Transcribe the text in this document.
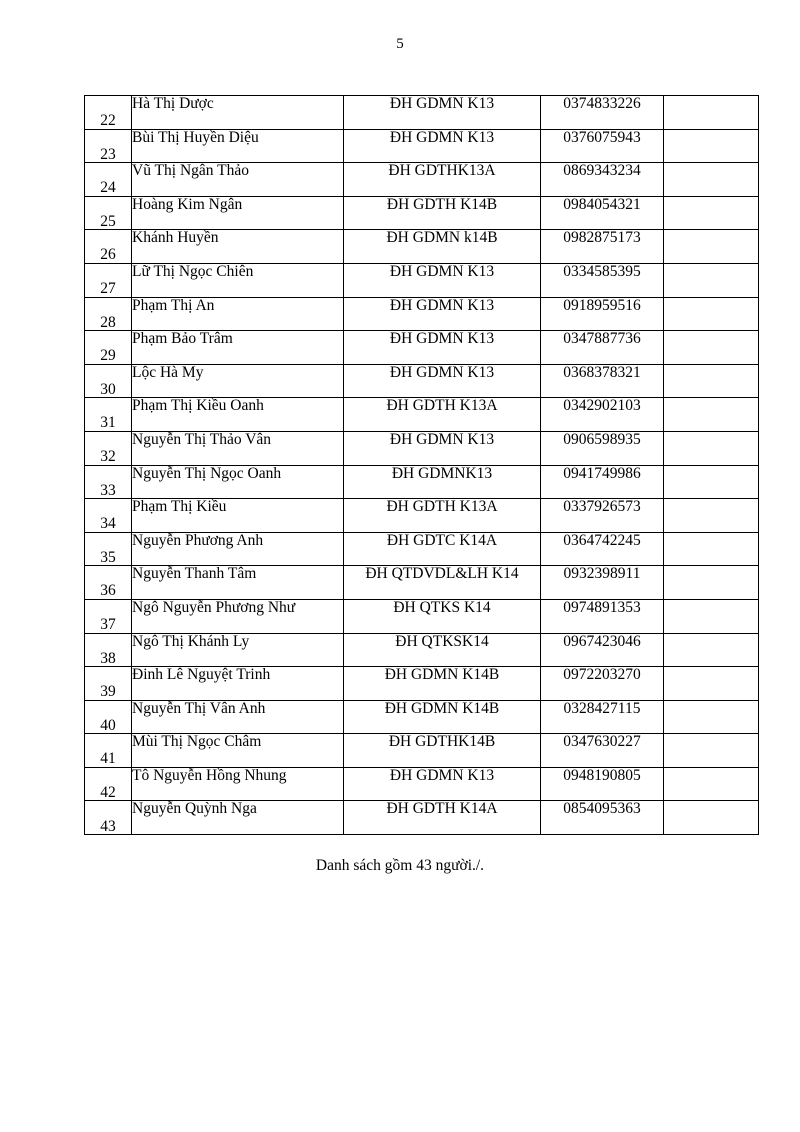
5
22	Hà Thị Dược	ĐH GDMN K13	0374833226	
23	Bùi Thị Huyền Diệu	ĐH GDMN K13	0376075943	
24	Vũ Thị Ngân Thảo	ĐH GDTHK13A	0869343234	
25	Hoàng Kim Ngân	ĐH GDTH K14B	0984054321	
26	Khánh Huyền	ĐH GDMN k14B	0982875173	
27	Lữ Thị Ngọc Chiên	ĐH GDMN K13	0334585395	
28	Phạm Thị An	ĐH GDMN K13	0918959516	
29	Phạm Bảo Trâm	ĐH GDMN K13	0347887736	
30	Lộc Hà My	ĐH GDMN K13	0368378321	
31	Phạm Thị Kiều Oanh	ĐH GDTH K13A	0342902103	
32	Nguyễn Thị Thảo Vân	ĐH GDMN K13	0906598935	
33	Nguyễn Thị Ngọc Oanh	ĐH GDMNK13	0941749986	
34	Phạm Thị Kiều	ĐH GDTH K13A	0337926573	
35	Nguyễn Phương Anh	ĐH GDTC K14A	0364742245	
36	Nguyễn Thanh Tâm	ĐH QTDVDL&LH K14	0932398911	
37	Ngô Nguyễn Phương Như	ĐH QTKS K14	0974891353	
38	Ngô Thị Khánh Ly	ĐH QTKSK14	0967423046	
39	Đinh Lê Nguyệt Trinh	ĐH GDMN K14B	0972203270	
40	Nguyễn Thị Vân Anh	ĐH GDMN K14B	0328427115	
41	Mùi Thị Ngọc Châm	ĐH GDTHK14B	0347630227	
42	Tô Nguyễn Hồng Nhung	ĐH GDMN K13	0948190805	
43	Nguyễn Quỳnh Nga	ĐH GDTH K14A	0854095363	
Danh sách gồm 43 người./.
